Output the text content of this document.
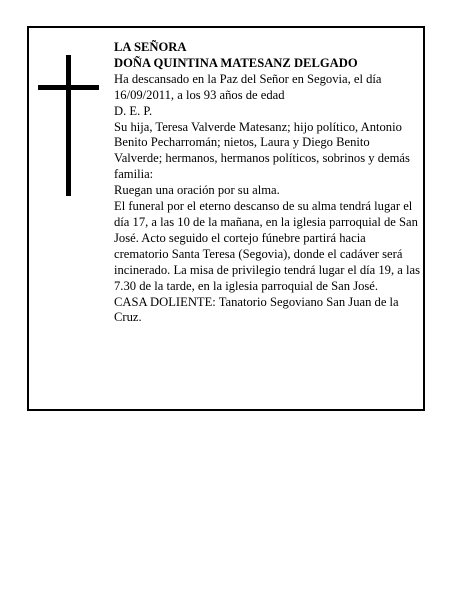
LA SEÑORA

DOÑA QUINTINA MATESANZ DELGADO

Ha descansado en la Paz del Señor en Segovia, el día 16/09/2011, a los 93 años de edad

D. E. P.

Su hija, Teresa Valverde Matesanz; hijo político, Antonio Benito Pecharromán; nietos, Laura y Diego Benito Valverde; hermanos, hermanos políticos, sobrinos y demás familia:

Ruegan una oración por su alma.

El funeral por el eterno descanso de su alma tendrá lugar el día 17, a las 10 de la mañana, en la iglesia parroquial de San José. Acto seguido el cortejo fúnebre partirá hacia crematorio Santa Teresa (Segovia), donde el cadáver será incinerado. La misa de privilegio tendrá lugar el día 19, a las 7.30 de la tarde, en la iglesia parroquial de San José.

CASA DOLIENTE: Tanatorio Segoviano San Juan de la Cruz.
